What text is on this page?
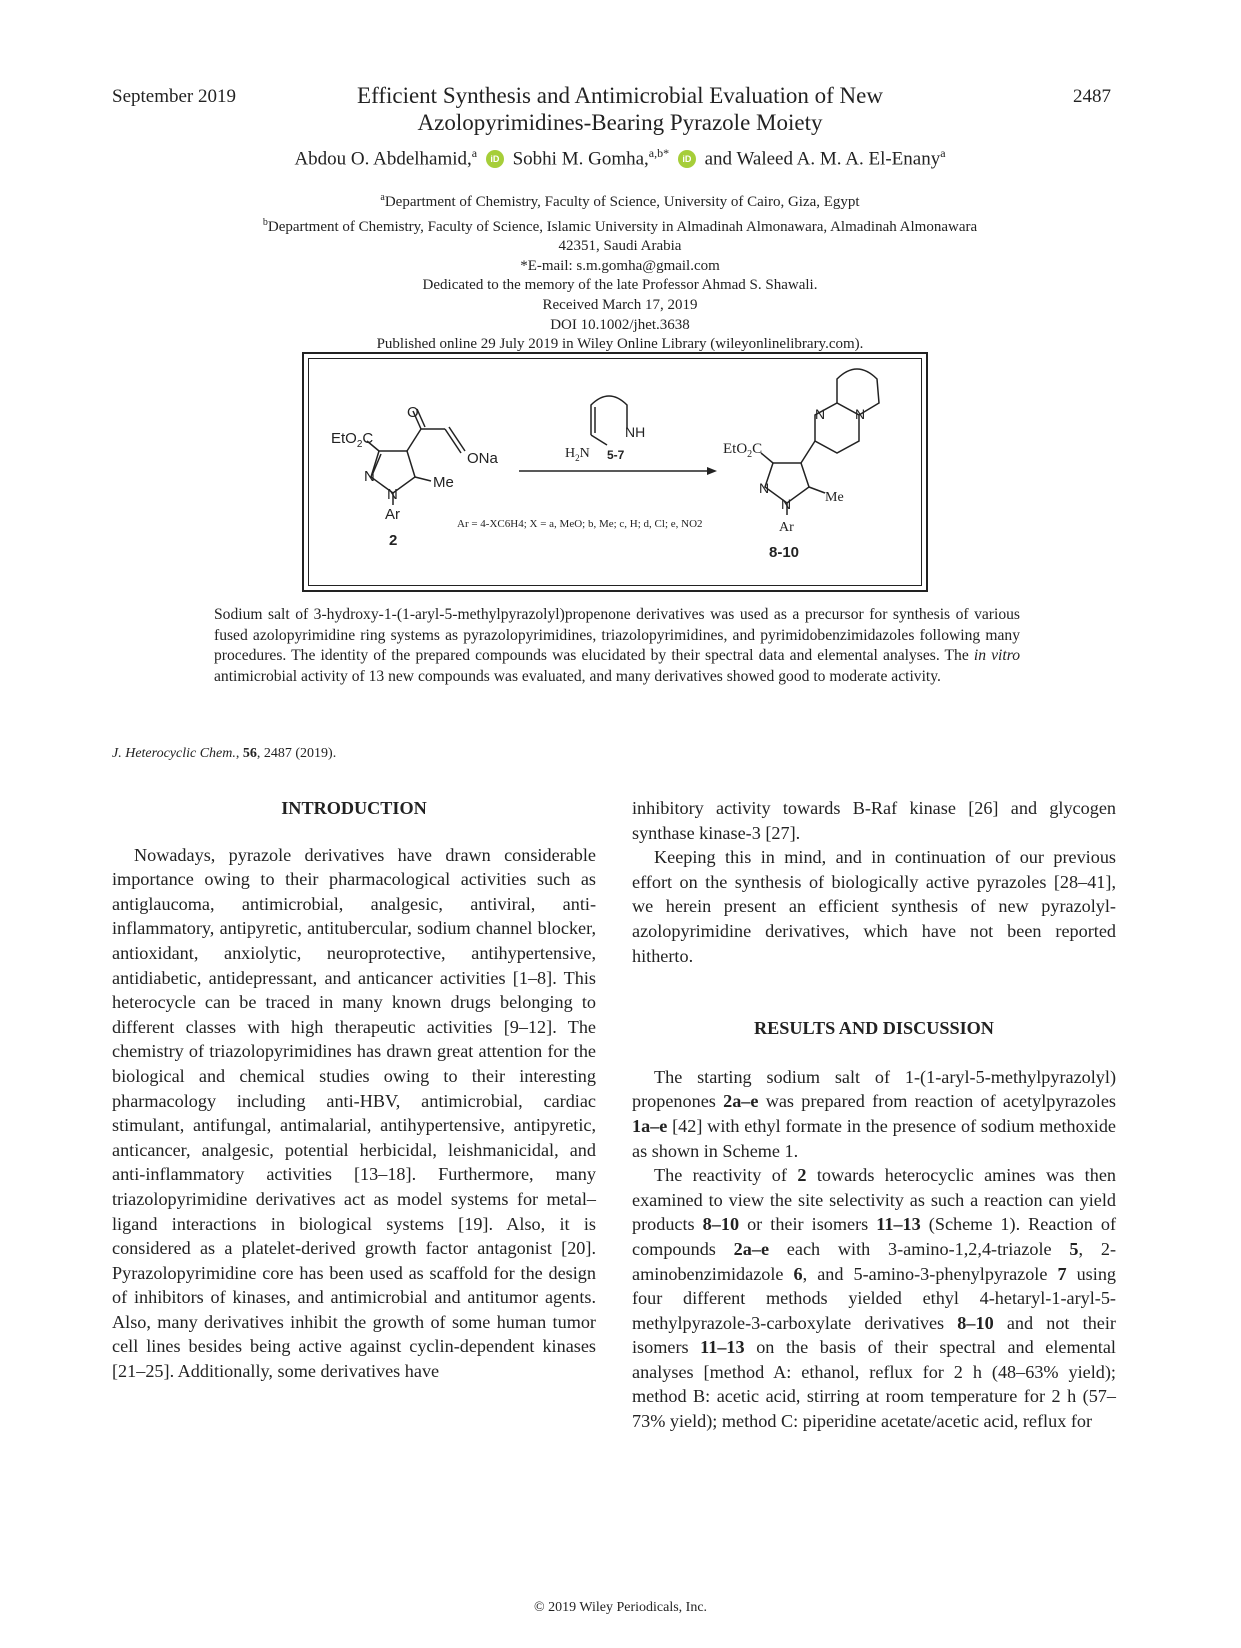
September 2019	2487
Efficient Synthesis and Antimicrobial Evaluation of New
Azolopyrimidines-Bearing Pyrazole Moiety
Abdou O. Abdelhamid,$^a$ iD Sobhi M. Gomha,$^{a,b*}$ iD and Waleed A. M. A. El-Enany$^a$
$^a$Department of Chemistry, Faculty of Science, University of Cairo, Giza, Egypt
$^b$Department of Chemistry, Faculty of Science, Islamic University in Almadinah Almonawara, Almadinah Almonawara
42351, Saudi Arabia
*E-mail: s.m.gomha@gmail.com
Dedicated to the memory of the late Professor Ahmad S. Shawali.
Received March 17, 2019
DOI 10.1002/jhet.3638
Published online 29 July 2019 in Wiley Online Library (wileyonlinelibrary.com).
O
EtO$_2$C
ONa
N
N
Me
Ar
2
NH
$H_2N$ 5-7
Ar = 4-XC6H4; X = a, MeO; b, Me; c, H; d, Cl; e, NO2
N N
EtO$_2$C
N
N Me
Ar
8-10
Sodium salt of 3-hydroxy-1-(1-aryl-5-methylpyrazolyl)propenone derivatives was used as a precursor for synthesis of various fused azolopyrimidine ring systems as pyrazolopyrimidines, triazolopyrimidines, and pyrimidobenzimidazoles following many procedures. The identity of the prepared compounds was elucidated by their spectral data and elemental analyses. The in vitro antimicrobial activity of 13 new compounds was evaluated, and many derivatives showed good to moderate activity.
J. Heterocyclic Chem., 56, 2487 (2019).

INTRODUCTION

Nowadays, pyrazole derivatives have drawn considerable importance owing to their pharmacological activities such as antiglaucoma, antimicrobial, analgesic, antiviral, anti-inflammatory, antipyretic, antitubercular, sodium channel blocker, antioxidant, anxiolytic, neuroprotective, antihypertensive, antidiabetic, antidepressant, and anticancer activities [1–8]. This heterocycle can be traced in many known drugs belonging to different classes with high therapeutic activities [9–12]. The chemistry of triazolopyrimidines has drawn great attention for the biological and chemical studies owing to their interesting pharmacology including anti-HBV, antimicrobial, cardiac stimulant, antifungal, antimalarial, antihypertensive, antipyretic, anticancer, analgesic, potential herbicidal, leishmanicidal, and anti-inflammatory activities [13–18]. Furthermore, many triazolopyrimidine derivatives act as model systems for metal–ligand interactions in biological systems [19]. Also, it is considered as a platelet-derived growth factor antagonist [20]. Pyrazolopyrimidine core has been used as scaffold for the design of inhibitors of kinases, and antimicrobial and antitumor agents. Also, many derivatives inhibit the growth of some human tumor cell lines besides being active against cyclin-dependent kinases [21–25]. Additionally, some derivatives have

inhibitory activity towards B-Raf kinase [26] and glycogen synthase kinase-3 [27].

Keeping this in mind, and in continuation of our previous effort on the synthesis of biologically active pyrazoles [28–41], we herein present an efficient synthesis of new pyrazolyl-azolopyrimidine derivatives, which have not been reported hitherto.

RESULTS AND DISCUSSION

The starting sodium salt of 1-(1-aryl-5-methylpyrazolyl) propenones 2a–e was prepared from reaction of acetylpyrazoles 1a–e [42] with ethyl formate in the presence of sodium methoxide as shown in Scheme 1.

The reactivity of 2 towards heterocyclic amines was then examined to view the site selectivity as such a reaction can yield products 8–10 or their isomers 11–13 (Scheme 1). Reaction of compounds 2a–e each with 3-amino-1,2,4-triazole 5, 2-aminobenzimidazole 6, and 5-amino-3-phenylpyrazole 7 using four different methods yielded ethyl 4-hetaryl-1-aryl-5-methylpyrazole-3-carboxylate derivatives 8–10 and not their isomers 11–13 on the basis of their spectral and elemental analyses [method A: ethanol, reflux for 2 h (48–63% yield); method B: acetic acid, stirring at room temperature for 2 h (57–73% yield); method C: piperidine acetate/acetic acid, reflux for

© 2019 Wiley Periodicals, Inc.
